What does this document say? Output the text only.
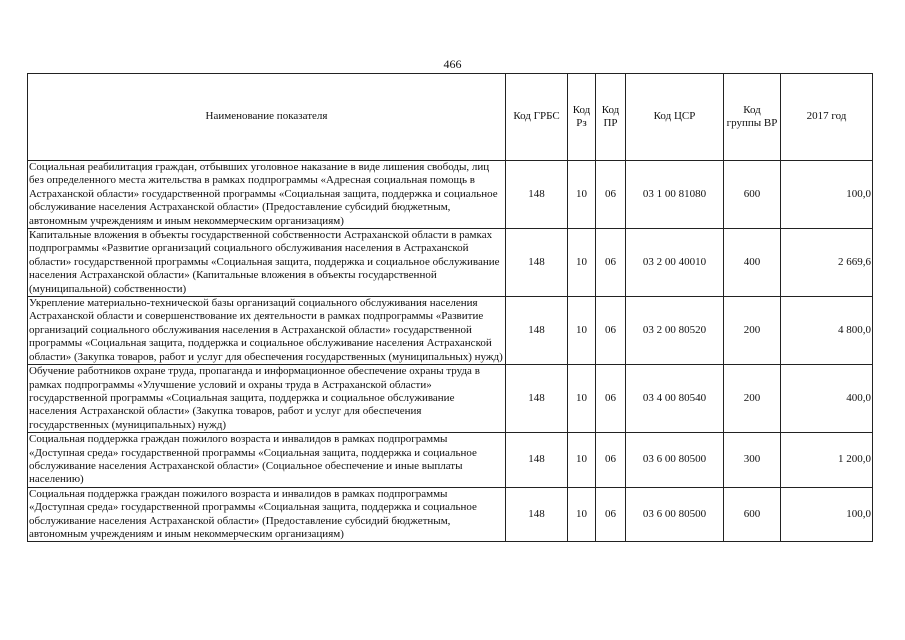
466
Наименование показателя	Код ГРБС	Код Рз	Код ПР	Код ЦСР	Код группы ВР	2017 год
Социальная реабилитация граждан, отбывших уголовное наказание в виде лишения свободы, лиц без определенного места жительства в рамках подпрограммы «Адресная социальная помощь в Астраханской области» государственной программы «Социальная защита, поддержка и социальное обслуживание населения Астраханской области» (Предоставление субсидий бюджетным, автономным учреждениям и иным некоммерческим организациям)	148	10	06	03 1 00 81080	600	100,0
Капитальные вложения в объекты государственной собственности Астраханской области в рамках подпрограммы «Развитие организаций социального обслуживания населения в Астраханской области» государственной программы «Социальная защита, поддержка и социальное обслуживание населения Астраханской области» (Капитальные вложения в объекты государственной (муниципальной) собственности)	148	10	06	03 2 00 40010	400	2 669,6
Укрепление материально-технической базы организаций социального обслуживания населения Астраханской области и совершенствование их деятельности в рамках подпрограммы «Развитие организаций социального обслуживания населения в Астраханской области» государственной программы «Социальная защита, поддержка и социальное обслуживание населения Астраханской области» (Закупка товаров, работ и услуг для обеспечения государственных (муниципальных) нужд)	148	10	06	03 2 00 80520	200	4 800,0
Обучение работников охране труда, пропаганда и информационное обеспечение охраны труда в рамках подпрограммы «Улучшение условий и охраны труда в Астраханской области» государственной программы «Социальная защита, поддержка и социальное обслуживание населения Астраханской области» (Закупка товаров, работ и услуг для обеспечения государственных (муниципальных) нужд)	148	10	06	03 4 00 80540	200	400,0
Социальная поддержка граждан пожилого возраста и инвалидов в рамках подпрограммы «Доступная среда» государственной программы «Социальная защита, поддержка и социальное обслуживание населения Астраханской области» (Социальное обеспечение и иные выплаты населению)	148	10	06	03 6 00 80500	300	1 200,0
Социальная поддержка граждан пожилого возраста и инвалидов в рамках подпрограммы «Доступная среда» государственной программы «Социальная защита, поддержка и социальное обслуживание населения Астраханской области» (Предоставление субсидий бюджетным, автономным учреждениям и иным некоммерческим организациям)	148	10	06	03 6 00 80500	600	100,0
